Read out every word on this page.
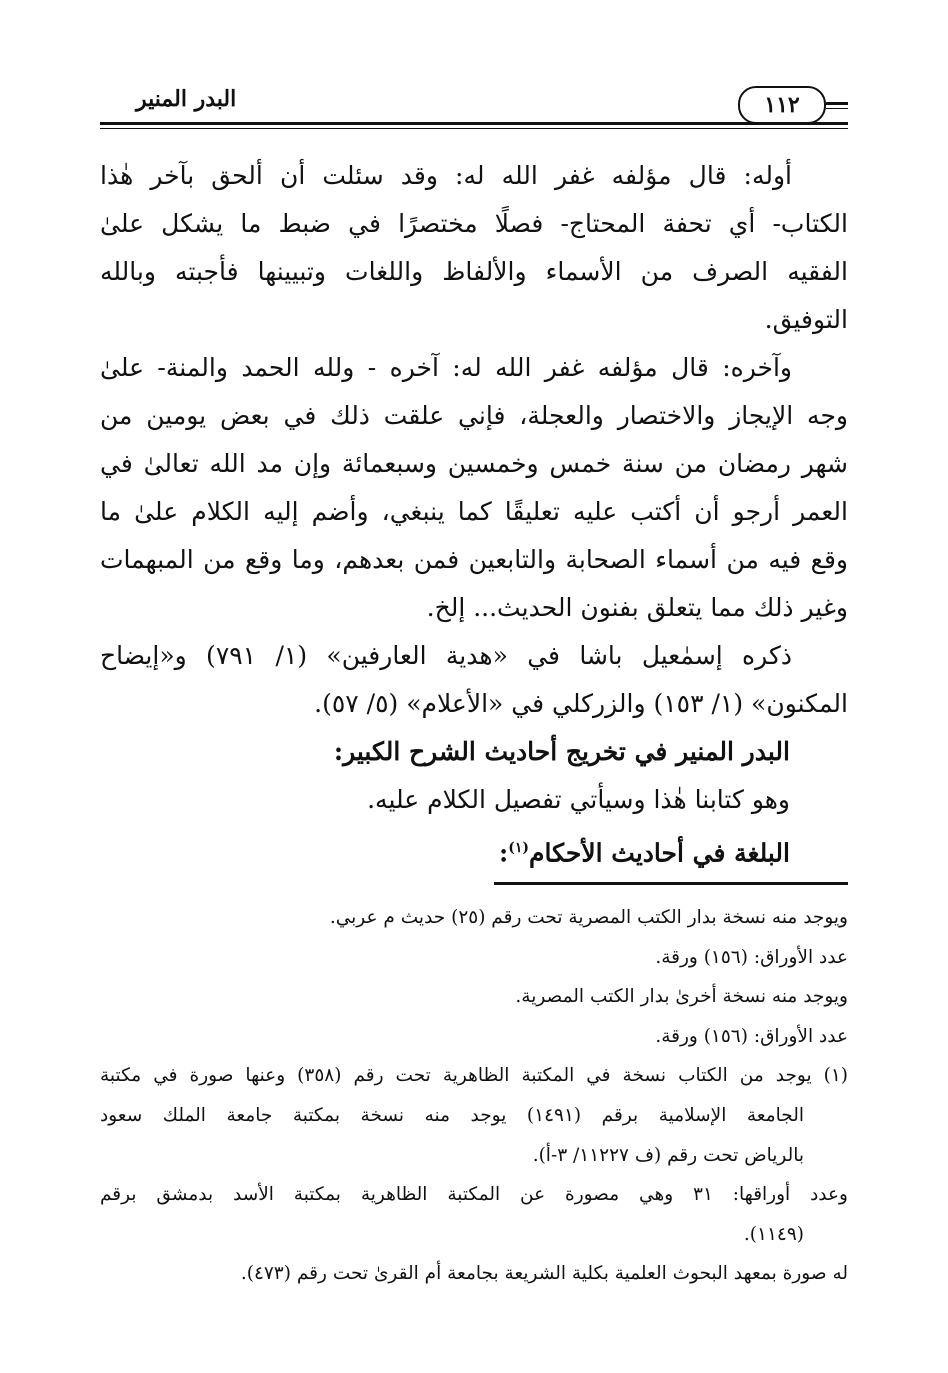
البدر المنير	١١٢
أوله: قال مؤلفه غفر الله له: وقد سئلت أن ألحق بآخر هٰذا
الكتاب- أي تحفة المحتاج- فصلًا مختصرًا في ضبط ما يشكل علىٰ
الفقيه الصرف من الأسماء والألفاظ واللغات وتبيينها فأجبته وبالله
التوفيق.
وآخره: قال مؤلفه غفر الله له: آخره - ولله الحمد والمنة- علىٰ
وجه الإيجاز والاختصار والعجلة، فإني علقت ذلك في بعض يومين من
شهر رمضان من سنة خمس وخمسين وسبعمائة وإن مد الله تعالىٰ في
العمر أرجو أن أكتب عليه تعليقًا كما ينبغي، وأضم إليه الكلام علىٰ ما
وقع فيه من أسماء الصحابة والتابعين فمن بعدهم، وما وقع من المبهمات
وغير ذلك مما يتعلق بفنون الحديث... إلخ.
ذكره إسمٰعيل باشا في «هدية العارفين» (١/ ٧٩١) و«إيضاح
المكنون» (١/ ١٥٣) والزركلي في «الأعلام» (٥/ ٥٧).
البدر المنير في تخريج أحاديث الشرح الكبير:
وهو كتابنا هٰذا وسيأتي تفصيل الكلام عليه.
البلغة في أحاديث الأحكام$^{(١)}$:
ويوجد منه نسخة بدار الكتب المصرية تحت رقم (٢٥) حديث م عربي.
عدد الأوراق: (١٥٦) ورقة.
ويوجد منه نسخة أخرىٰ بدار الكتب المصرية.
عدد الأوراق: (١٥٦) ورقة.
(١) يوجد من الكتاب نسخة في المكتبة الظاهرية تحت رقم (٣٥٨) وعنها صورة في مكتبة
الجامعة الإسلامية برقم (١٤٩١) يوجد منه نسخة بمكتبة جامعة الملك سعود
بالرياض تحت رقم (ف ١١٢٢٧/ ٣-أ).
وعدد أوراقها: ٣١ وهي مصورة عن المكتبة الظاهرية بمكتبة الأسد بدمشق برقم
(١١٤٩).
له صورة بمعهد البحوث العلمية بكلية الشريعة بجامعة أم القرىٰ تحت رقم (٤٧٣).
